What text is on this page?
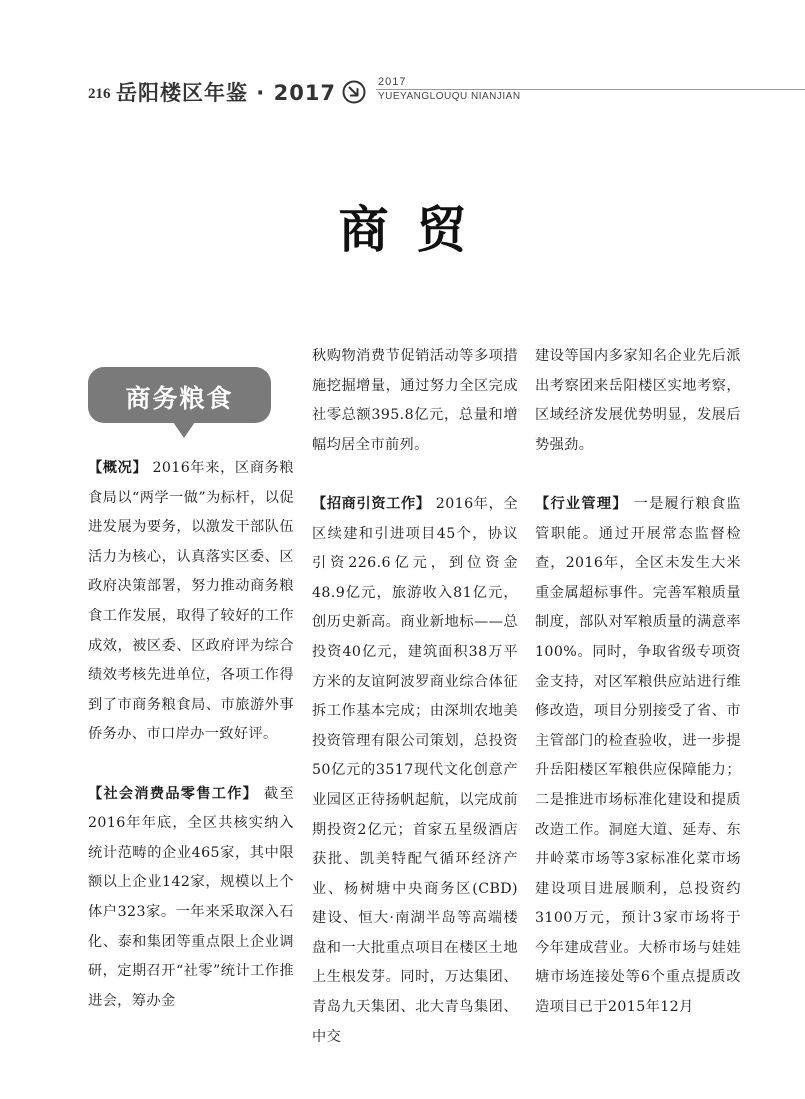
216 岳阳楼区年鉴 · 2017	2017
YUEYANGLOUQU NIANJIAN
商贸
商务粮食

【概况】 2016年来，区商务粮食局以“两学一做”为标杆，以促进发展为要务，以激发干部队伍活力为核心，认真落实区委、区政府决策部署，努力推动商务粮食工作发展，取得了较好的工作成效，被区委、区政府评为综合绩效考核先进单位，各项工作得到了市商务粮食局、市旅游外事侨务办、市口岸办一致好评。

【社会消费品零售工作】 截至2016年年底，全区共核实纳入统计范畴的企业465家，其中限额以上企业142家，规模以上个体户323家。一年来采取深入石化、泰和集团等重点限上企业调研，定期召开“社零”统计工作推进会，筹办金

秋购物消费节促销活动等多项措施挖掘增量，通过努力全区完成社零总额395.8亿元，总量和增幅均居全市前列。

【招商引资工作】 2016年，全区续建和引进项目45个，协议引资226.6亿元，到位资金48.9亿元，旅游收入81亿元，创历史新高。商业新地标——总投资40亿元，建筑面积38万平方米的友谊阿波罗商业综合体征拆工作基本完成；由深圳农地美投资管理有限公司策划，总投资50亿元的3517现代文化创意产业园区正待扬帆起航，以完成前期投资2亿元；首家五星级酒店获批、凯美特配气循环经济产业、杨树塘中央商务区(CBD)建设、恒大·南湖半岛等高端楼盘和一大批重点项目在楼区土地上生根发芽。同时，万达集团、青岛九天集团、北大青鸟集团、中交

建设等国内多家知名企业先后派出考察团来岳阳楼区实地考察，区域经济发展优势明显，发展后势强劲。

【行业管理】 一是履行粮食监管职能。通过开展常态监督检查，2016年，全区未发生大米重金属超标事件。完善军粮质量制度，部队对军粮质量的满意率100%。同时，争取省级专项资金支持，对区军粮供应站进行维修改造，项目分别接受了省、市主管部门的检查验收，进一步提升岳阳楼区军粮供应保障能力；二是推进市场标准化建设和提质改造工作。洞庭大道、延寿、东井岭菜市场等3家标准化菜市场建设项目进展顺利，总投资约3100万元，预计3家市场将于今年建成营业。大桥市场与娃娃塘市场连接处等6个重点提质改造项目已于2015年12月
